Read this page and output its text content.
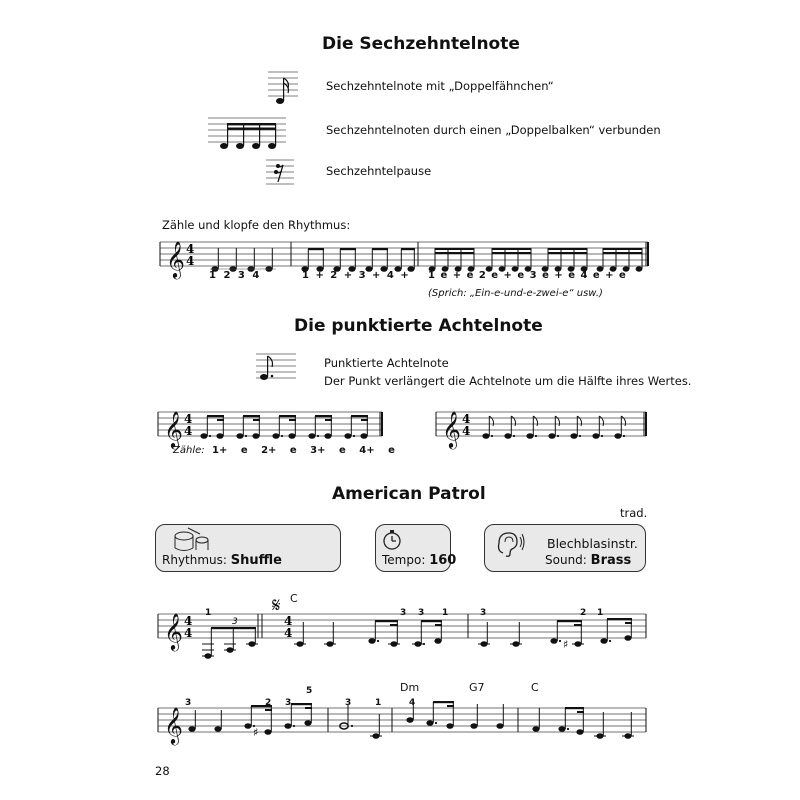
Die Sechzehntelnote
Sechzehntelnote mit „Doppelfähnchen“
Sechzehntelnoten durch einen „Doppelbalken“ verbunden
Sechzehntelpause
Zähle und klopfe den Rhythmus:
𝄞 4
4
1 2 3 4	1 + 2 + 3 + 4 + 1 e + e 2 e + e 3 e + e 4 e + e
(Sprich: „Ein-e-und-e-zwei-e“ usw.)
Die punktierte Achtelnote
Punktierte Achtelnote
Der Punkt verlängert die Achtelnote um die Hälfte ihres Wertes.
𝄞 4
4
Zähle: 1+ e 2+ e 3+ e 4+ e
𝄞 4
4
American Patrol
trad.
Rhythmus: Shuffle	Tempo: 160
Blechblasinstr.
Sound: Brass
𝄞 4
4
𝄋
4
4
3
♯
1	3 3 1	3	2 1
C
𝄞	♯
3	2 3
5
3	1	4
Dm	G7	C
28
